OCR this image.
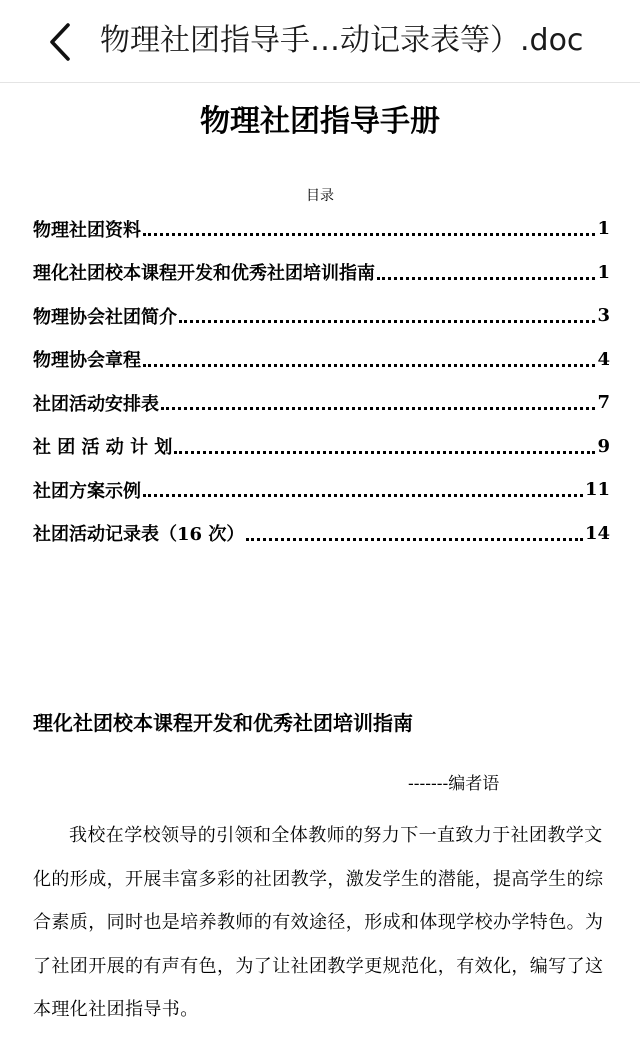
物理社团指导手…动记录表等）.doc
物理社团指导手册
目录
物理社团资料	1
理化社团校本课程开发和优秀社团培训指南	1
物理协会社团简介	3
物理协会章程	4
社团活动安排表	7
社 团 活 动 计 划	9
社团方案示例	11
社团活动记录表（16 次）	14
理化社团校本课程开发和优秀社团培训指南
-------编者语

我校在学校领导的引领和全体教师的努力下一直致力于社团教学文化的形成，开展丰富多彩的社团教学，激发学生的潜能，提高学生的综合素质，同时也是培养教师的有效途径，形成和体现学校办学特色。为了社团开展的有声有色，为了让社团教学更规范化，有效化，编写了这本理化社团指导书。
